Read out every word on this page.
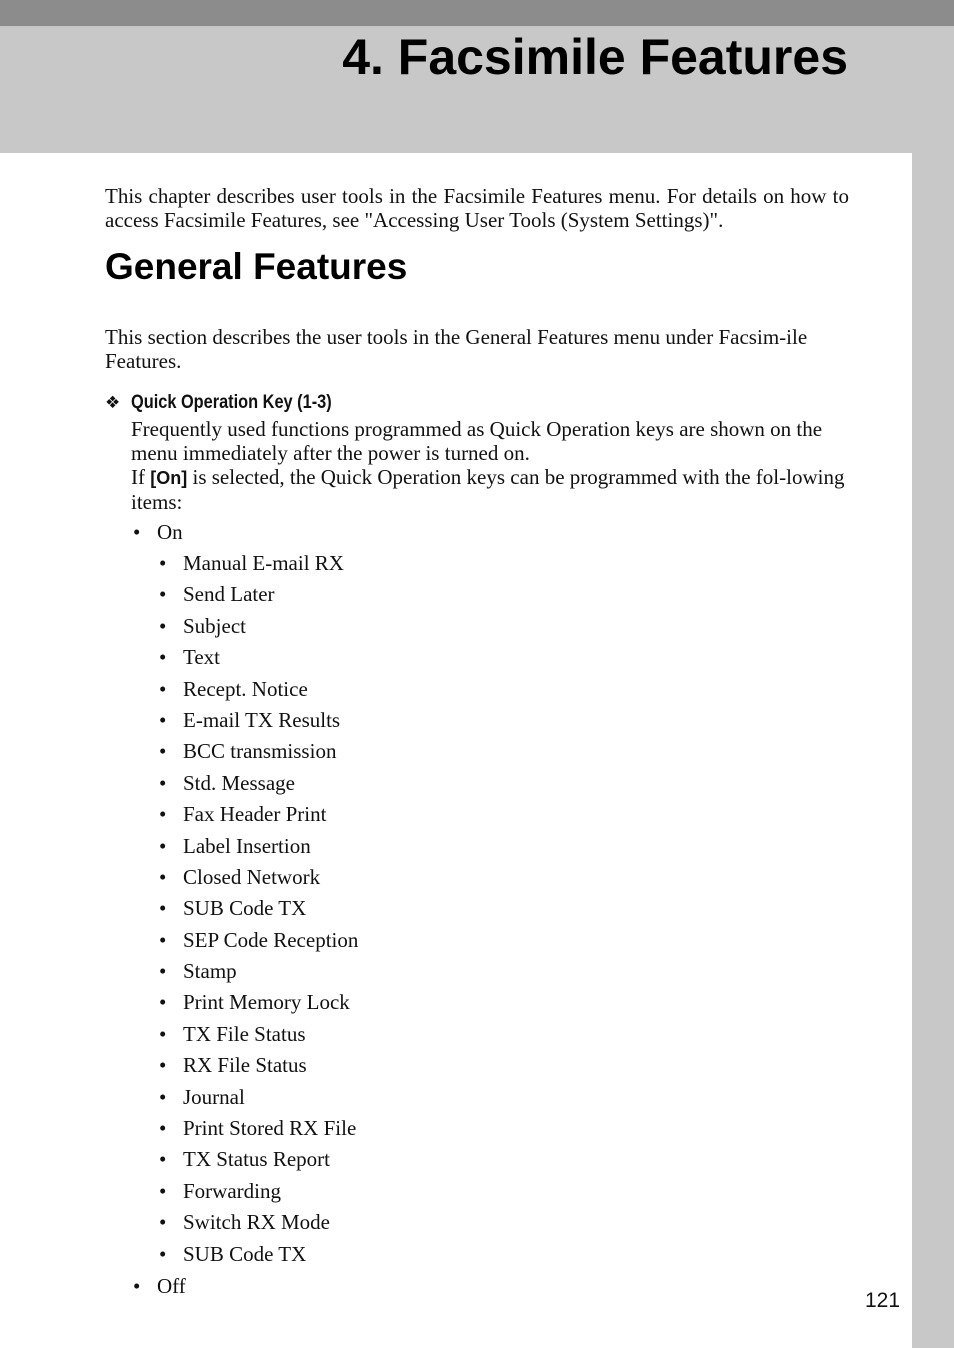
4. Facsimile Features

This chapter describes user tools in the Facsimile Features menu. For details on how to access Facsimile Features, see "Accessing User Tools (System Settings)".

General Features

This section describes the user tools in the General Features menu under Facsim-ile Features.

❖ Quick Operation Key (1-3)
Frequently used functions programmed as Quick Operation keys are shown on the menu immediately after the power is turned on.
If [On] is selected, the Quick Operation keys can be programmed with the fol-lowing items:
• On
• Manual E-mail RX
• Send Later
• Subject
• Text
• Recept. Notice
• E-mail TX Results
• BCC transmission
• Std. Message
• Fax Header Print
• Label Insertion
• Closed Network
• SUB Code TX
• SEP Code Reception
• Stamp
• Print Memory Lock
• TX File Status
• RX File Status
• Journal
• Print Stored RX File
• TX Status Report
• Forwarding
• Switch RX Mode
• SUB Code TX
• Off
121
